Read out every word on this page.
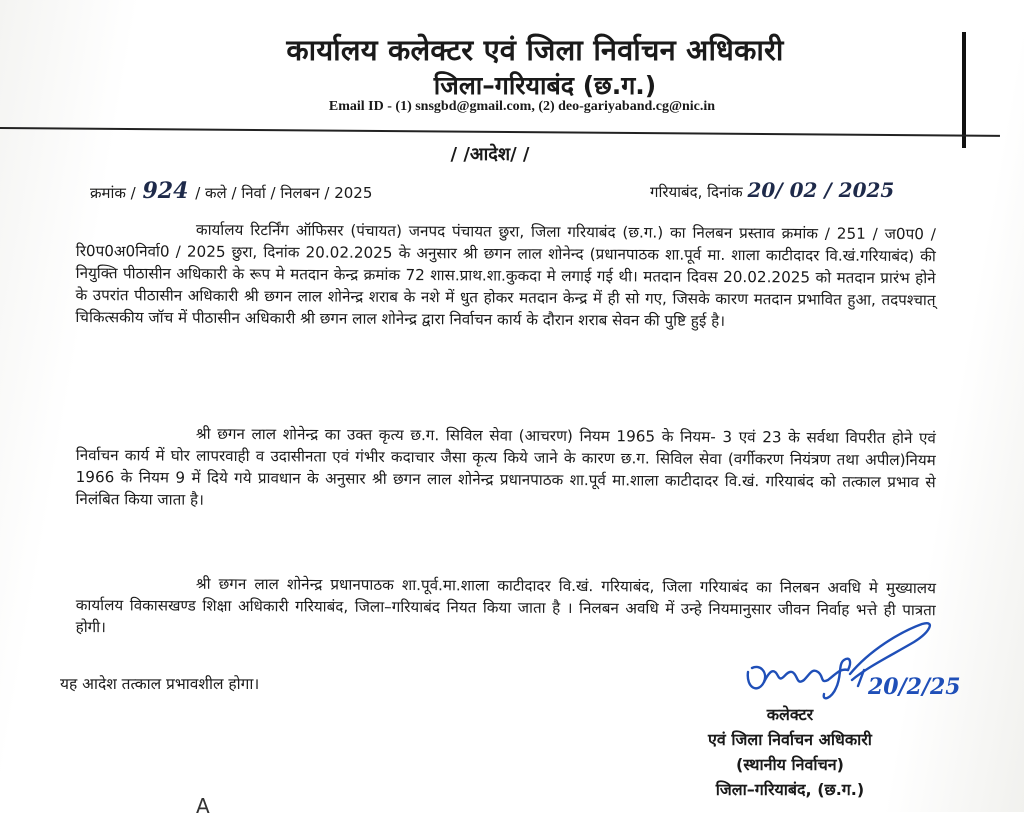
कार्यालय कलेक्टर एवं जिला निर्वाचन अधिकारी
जिला–गरियाबंद (छ.ग.)
Email ID - (1) snsgbd@gmail.com, (2) deo-gariyaband.cg@nic.in
/ /आदेश/ /
क्रमांक / 924 / कले / निर्वा / निलबन / 2025	गरियाबंद, दिनांक 20/ 02 / 2025

कार्यालय रिटर्निंग ऑफिसर (पंचायत) जनपद पंचायत छुरा, जिला गरियाबंद (छ.ग.) का निलबन प्रस्ताव क्रमांक / 251 / ज0प0 / रि0प0अ0निर्वा0 / 2025 छुरा, दिनांक 20.02.2025 के अनुसार श्री छगन लाल शोनेन्द (प्रधानपाठक शा.पूर्व मा. शाला काटीदादर वि.खं.गरियाबंद) की नियुक्ति पीठासीन अधिकारी के रूप मे मतदान केन्द्र क्रमांक 72 शास.प्राथ.शा.कुकदा मे लगाई गई थी। मतदान दिवस 20.02.2025 को मतदान प्रारंभ होने के उपरांत पीठासीन अधिकारी श्री छगन लाल शोनेन्द्र शराब के नशे में धुत होकर मतदान केन्द्र में ही सो गए, जिसके कारण मतदान प्रभावित हुआ, तदपश्चात् चिकित्सकीय जॉच में पीठासीन अधिकारी श्री छगन लाल शोनेन्द्र द्वारा निर्वाचन कार्य के दौरान शराब सेवन की पुष्टि हुई है।

श्री छगन लाल शोनेन्द्र का उक्त कृत्य छ.ग. सिविल सेवा (आचरण) नियम 1965 के नियम- 3 एवं 23 के सर्वथा विपरीत होने एवं निर्वाचन कार्य में घोर लापरवाही व उदासीनता एवं गंभीर कदाचार जैसा कृत्य किये जाने के कारण छ.ग. सिविल सेवा (वर्गीकरण नियंत्रण तथा अपील)नियम 1966 के नियम 9 में दिये गये प्रावधान के अनुसार श्री छगन लाल शोनेन्द्र प्रधानपाठक शा.पूर्व मा.शाला काटीदादर वि.खं. गरियाबंद को तत्काल प्रभाव से निलंबित किया जाता है।

श्री छगन लाल शोनेन्द्र प्रधानपाठक शा.पूर्व.मा.शाला काटीदादर वि.खं. गरियाबंद, जिला गरियाबंद का निलबन अवधि मे मुख्यालय कार्यालय विकासखण्ड शिक्षा अधिकारी गरियाबंद, जिला–गरियाबंद नियत किया जाता है । निलबन अवधि में उन्हे नियमानुसार जीवन निर्वाह भत्ते ही पात्रता होगी।

यह आदेश तत्काल प्रभावशील होगा।	20/2/25
कलेक्टर
एवं जिला निर्वाचन अधिकारी
(स्थानीय निर्वाचन)
जिला–गरियाबंद, (छ.ग.)
A
